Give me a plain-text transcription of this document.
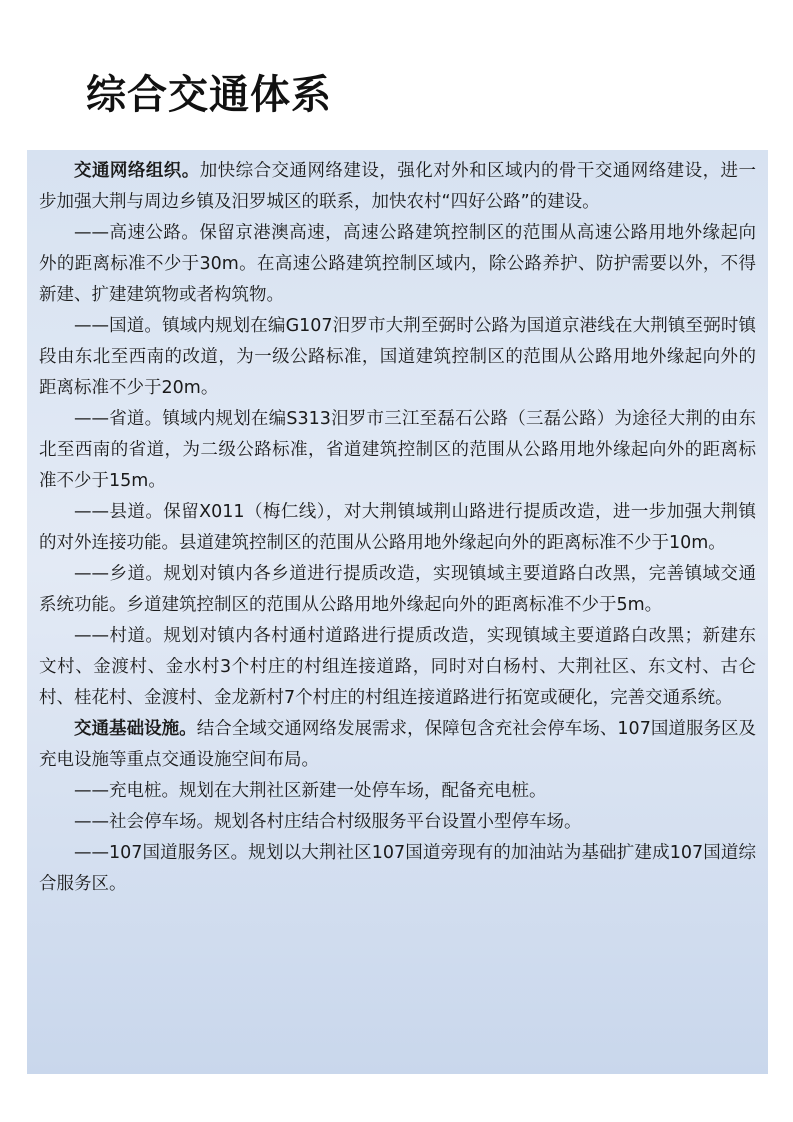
综合交通体系

交通网络组织。加快综合交通网络建设，强化对外和区域内的骨干交通网络建设，进一步加强大荆与周边乡镇及汨罗城区的联系，加快农村“四好公路”的建设。

——高速公路。保留京港澳高速，高速公路建筑控制区的范围从高速公路用地外缘起向外的距离标准不少于30m。在高速公路建筑控制区域内，除公路养护、防护需要以外，不得新建、扩建建筑物或者构筑物。

——国道。镇域内规划在编G107汨罗市大荆至弼时公路为国道京港线在大荆镇至弼时镇段由东北至西南的改道，为一级公路标准，国道建筑控制区的范围从公路用地外缘起向外的距离标准不少于20m。

——省道。镇域内规划在编S313汨罗市三江至磊石公路（三磊公路）为途径大荆的由东北至西南的省道，为二级公路标准，省道建筑控制区的范围从公路用地外缘起向外的距离标准不少于15m。

——县道。保留X011（梅仁线），对大荆镇域荆山路进行提质改造，进一步加强大荆镇的对外连接功能。县道建筑控制区的范围从公路用地外缘起向外的距离标准不少于10m。

——乡道。规划对镇内各乡道进行提质改造，实现镇域主要道路白改黑，完善镇域交通系统功能。乡道建筑控制区的范围从公路用地外缘起向外的距离标准不少于5m。

——村道。规划对镇内各村通村道路进行提质改造，实现镇域主要道路白改黑；新建东文村、金渡村、金水村3个村庄的村组连接道路，同时对白杨村、大荆社区、东文村、古仑村、桂花村、金渡村、金龙新村7个村庄的村组连接道路进行拓宽或硬化，完善交通系统。

交通基础设施。结合全域交通网络发展需求，保障包含充社会停车场、107国道服务区及充电设施等重点交通设施空间布局。

——充电桩。规划在大荆社区新建一处停车场，配备充电桩。

——社会停车场。规划各村庄结合村级服务平台设置小型停车场。

——107国道服务区。规划以大荆社区107国道旁现有的加油站为基础扩建成107国道综合服务区。
